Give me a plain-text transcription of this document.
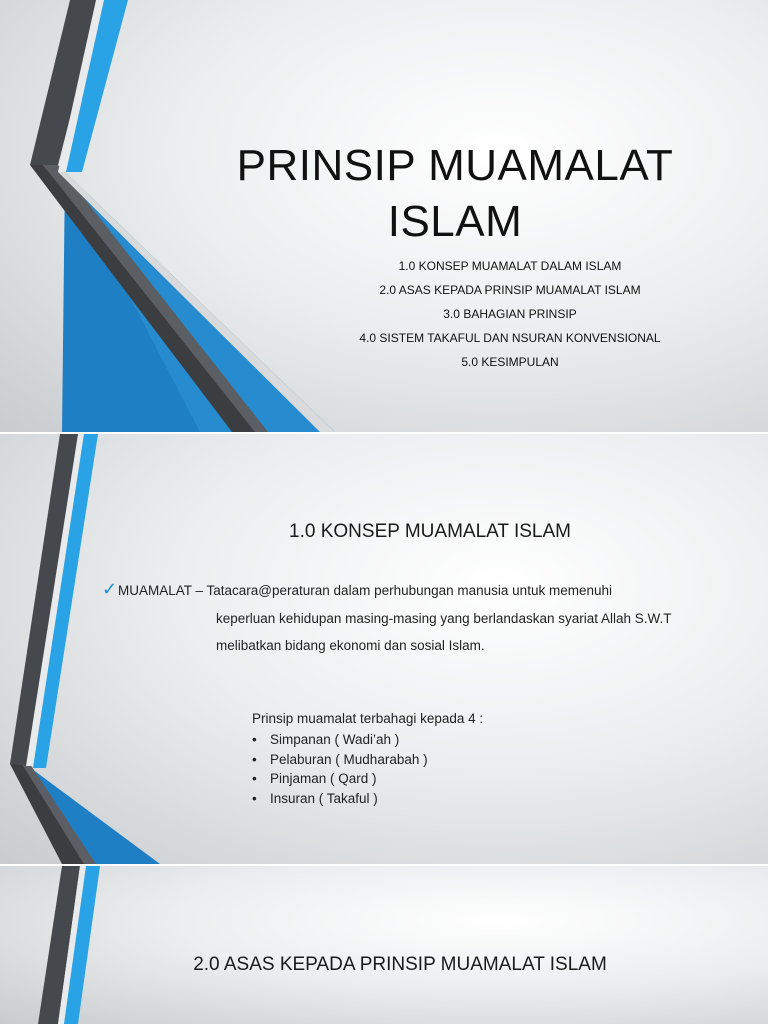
PRINSIP MUAMALAT
ISLAM
1.0 KONSEP MUAMALAT DALAM ISLAM
2.0 ASAS KEPADA PRINSIP MUAMALAT ISLAM
3.0 BAHAGIAN PRINSIP
4.0 SISTEM TAKAFUL DAN NSURAN KONVENSIONAL
5.0 KESIMPULAN
1.0 KONSEP MUAMALAT ISLAM
✓ MUAMALAT – Tatacara@peraturan dalam perhubungan manusia untuk memenuhi
keperluan kehidupan masing-masing yang berlandaskan syariat Allah S.W.T
melibatkan bidang ekonomi dan sosial Islam.
Prinsip muamalat terbahagi kepada 4 :
• Simpanan ( Wadi’ah )
• Pelaburan ( Mudharabah )
• Pinjaman ( Qard )
• Insuran ( Takaful )
2.0 ASAS KEPADA PRINSIP MUAMALAT ISLAM
